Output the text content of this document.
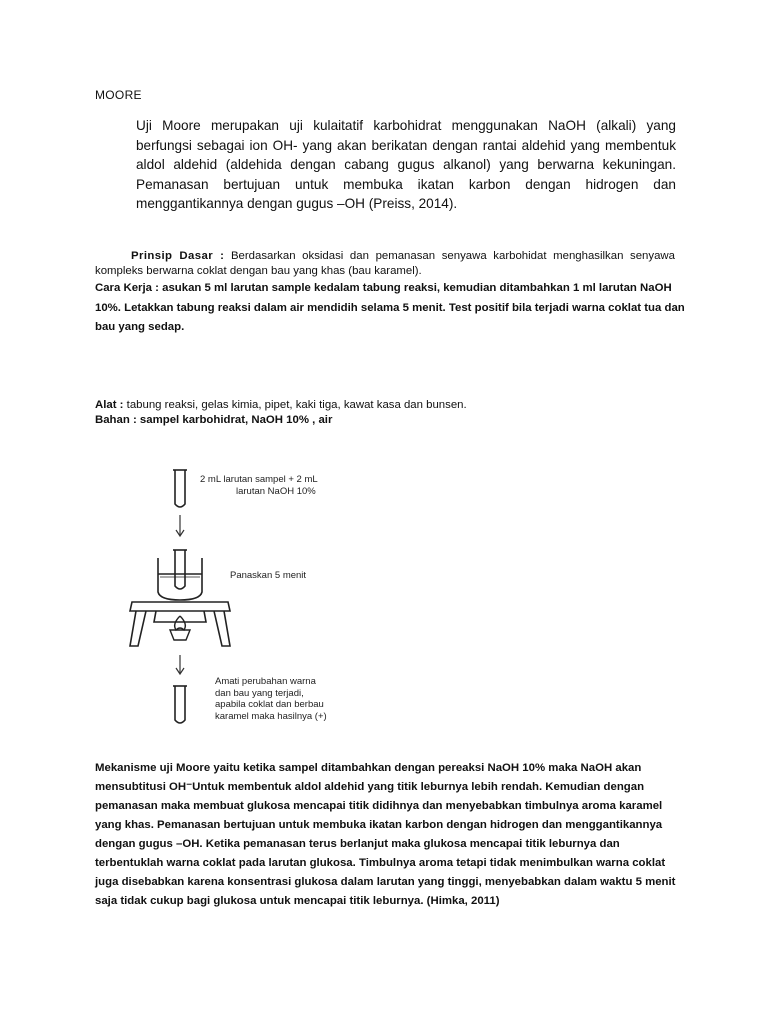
MOORE
Uji Moore merupakan uji kulaitatif karbohidrat menggunakan NaOH (alkali) yang berfungsi sebagai ion OH- yang akan berikatan dengan rantai aldehid yang membentuk aldol aldehid (aldehida dengan cabang gugus alkanol) yang berwarna kekuningan. Pemanasan bertujuan untuk membuka ikatan karbon dengan hidrogen dan menggantikannya dengan gugus –OH (Preiss, 2014).
Prinsip Dasar : Berdasarkan oksidasi dan pemanasan senyawa karbohidat menghasilkan senyawa kompleks berwarna coklat dengan bau yang khas (bau karamel).
Cara Kerja : asukan 5 ml larutan sample kedalam tabung reaksi, kemudian ditambahkan 1 ml larutan NaOH 10%. Letakkan tabung reaksi dalam air mendidih selama 5 menit. Test positif bila terjadi warna coklat tua dan bau yang sedap.
Alat : tabung reaksi, gelas kimia, pipet, kaki tiga, kawat kasa dan bunsen.
Bahan : sampel karbohidrat, NaOH 10% , air
2 mL larutan sampel + 2 mL
larutan NaOH 10%
Panaskan 5 menit
Amati perubahan warna
dan bau yang terjadi,
apabila coklat dan berbau
karamel maka hasilnya (+)
Mekanisme uji Moore yaitu ketika sampel ditambahkan dengan pereaksi NaOH 10% maka NaOH akan mensubtitusi OH⁻Untuk membentuk aldol aldehid yang titik leburnya lebih rendah. Kemudian dengan pemanasan maka membuat glukosa mencapai titik didihnya dan menyebabkan timbulnya aroma karamel yang khas. Pemanasan bertujuan untuk membuka ikatan karbon dengan hidrogen dan menggantikannya dengan gugus –OH. Ketika pemanasan terus berlanjut maka glukosa mencapai titik leburnya dan terbentuklah warna coklat pada larutan glukosa. Timbulnya aroma tetapi tidak menimbulkan warna coklat juga disebabkan karena konsentrasi glukosa dalam larutan yang tinggi, menyebabkan dalam waktu 5 menit saja tidak cukup bagi glukosa untuk mencapai titik leburnya. (Himka, 2011)
